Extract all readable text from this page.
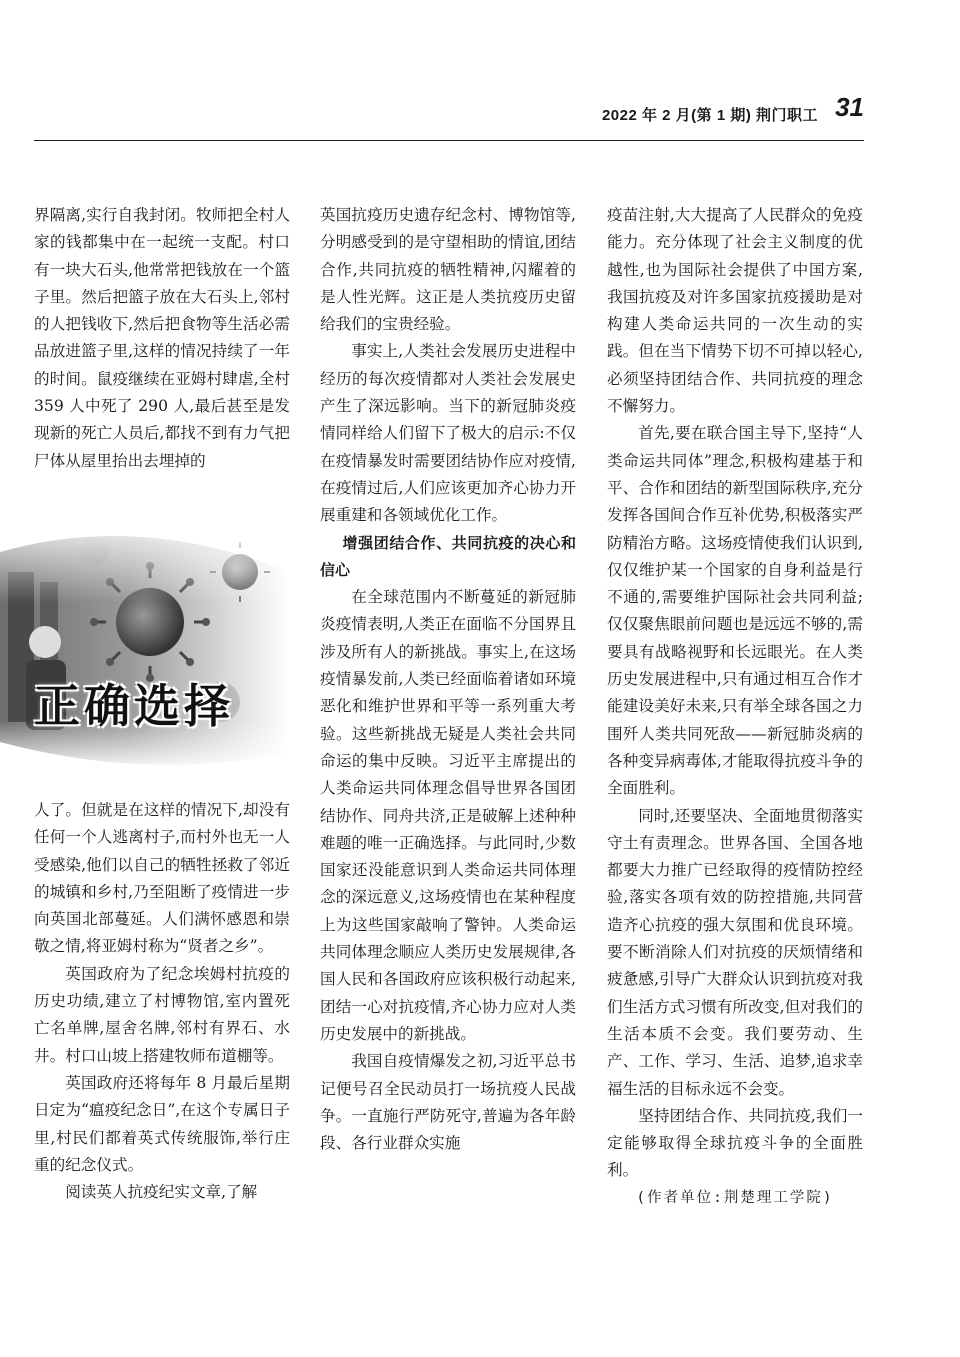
2022 年 2 月(第 1 期) 荆门职工 31

界隔离,实行自我封闭。牧师把全村人家的钱都集中在一起统一支配。村口有一块大石头,他常常把钱放在一个篮子里。然后把篮子放在大石头上,邻村的人把钱收下,然后把食物等生活必需品放进篮子里,这样的情况持续了一年的时间。鼠疫继续在亚姆村肆虐,全村 359 人中死了 290 人,最后甚至是发现新的死亡人员后,都找不到有力气把尸体从屋里抬出去埋掉的

正确选择

人了。但就是在这样的情况下,却没有任何一个人逃离村子,而村外也无一人受感染,他们以自己的牺牲拯救了邻近的城镇和乡村,乃至阻断了疫情进一步向英国北部蔓延。人们满怀感恩和崇敬之情,将亚姆村称为“贤者之乡”。

英国政府为了纪念埃姆村抗疫的历史功绩,建立了村博物馆,室内置死亡名单牌,屋舍名牌,邻村有界石、水井。村口山坡上搭建牧师布道棚等。

英国政府还将每年 8 月最后星期日定为“瘟疫纪念日”,在这个专属日子里,村民们都着英式传统服饰,举行庄重的纪念仪式。

阅读英人抗疫纪实文章,了解

英国抗疫历史遗存纪念村、博物馆等,分明感受到的是守望相助的情谊,团结合作,共同抗疫的牺牲精神,闪耀着的是人性光辉。这正是人类抗疫历史留给我们的宝贵经验。

事实上,人类社会发展历史进程中经历的每次疫情都对人类社会发展史产生了深远影响。当下的新冠肺炎疫情同样给人们留下了极大的启示:不仅在疫情暴发时需要团结协作应对疫情,在疫情过后,人们应该更加齐心协力开展重建和各领域优化工作。

增强团结合作、共同抗疫的决心和信心

在全球范围内不断蔓延的新冠肺炎疫情表明,人类正在面临不分国界且涉及所有人的新挑战。事实上,在这场疫情暴发前,人类已经面临着诸如环境恶化和维护世界和平等一系列重大考验。这些新挑战无疑是人类社会共同命运的集中反映。习近平主席提出的人类命运共同体理念倡导世界各国团结协作、同舟共济,正是破解上述种种难题的唯一正确选择。与此同时,少数国家还没能意识到人类命运共同体理念的深远意义,这场疫情也在某种程度上为这些国家敲响了警钟。人类命运共同体理念顺应人类历史发展规律,各国人民和各国政府应该积极行动起来,团结一心对抗疫情,齐心协力应对人类历史发展中的新挑战。

我国自疫情爆发之初,习近平总书记便号召全民动员打一场抗疫人民战争。一直施行严防死守,普遍为各年龄段、各行业群众实施

疫苗注射,大大提高了人民群众的免疫能力。充分体现了社会主义制度的优越性,也为国际社会提供了中国方案,我国抗疫及对许多国家抗疫援助是对构建人类命运共同的一次生动的实践。但在当下情势下切不可掉以轻心,必须坚持团结合作、共同抗疫的理念不懈努力。

首先,要在联合国主导下,坚持“人类命运共同体”理念,积极构建基于和平、合作和团结的新型国际秩序,充分发挥各国间合作互补优势,积极落实严防精治方略。这场疫情使我们认识到,仅仅维护某一个国家的自身利益是行不通的,需要维护国际社会共同利益;仅仅聚焦眼前问题也是远远不够的,需要具有战略视野和长远眼光。在人类历史发展进程中,只有通过相互合作才能建设美好未来,只有举全球各国之力围歼人类共同死敌——新冠肺炎病的各种变异病毒体,才能取得抗疫斗争的全面胜利。

同时,还要坚决、全面地贯彻落实守土有责理念。世界各国、全国各地都要大力推广已经取得的疫情防控经验,落实各项有效的防控措施,共同营造齐心抗疫的强大氛围和优良环境。要不断消除人们对抗疫的厌烦情绪和疲惫感,引导广大群众认识到抗疫对我们生活方式习惯有所改变,但对我们的生活本质不会变。我们要劳动、生产、工作、学习、生活、追梦,追求幸福生活的目标永远不会变。

坚持团结合作、共同抗疫,我们一定能够取得全球抗疫斗争的全面胜利。

(作者单位:荆楚理工学院)
